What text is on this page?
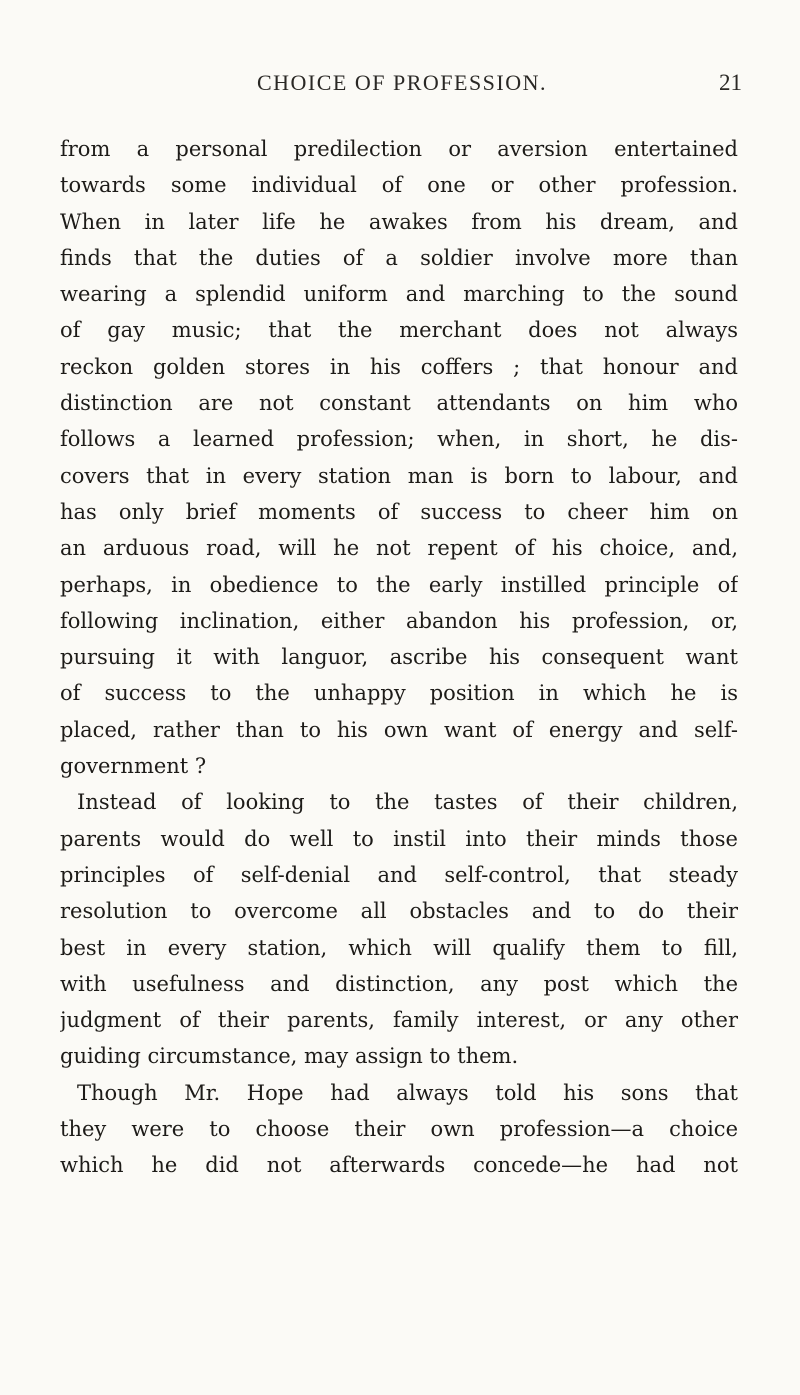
CHOICE OF PROFESSION.	21
from a personal predilection or aversion entertained
towards some individual of one or other profession.
When in later life he awakes from his dream, and
finds that the duties of a soldier involve more than
wearing a splendid uniform and marching to the sound
of gay music; that the merchant does not always
reckon golden stores in his coffers ; that honour and
distinction are not constant attendants on him who
follows a learned profession; when, in short, he dis-
covers that in every station man is born to labour, and
has only brief moments of success to cheer him on
an arduous road, will he not repent of his choice, and,
perhaps, in obedience to the early instilled principle of
following inclination, either abandon his profession, or,
pursuing it with languor, ascribe his consequent want
of success to the unhappy position in which he is
placed, rather than to his own want of energy and self-
government ?
Instead of looking to the tastes of their children,
parents would do well to instil into their minds those
principles of self-denial and self-control, that steady
resolution to overcome all obstacles and to do their
best in every station, which will qualify them to fill,
with usefulness and distinction, any post which the
judgment of their parents, family interest, or any other
guiding circumstance, may assign to them.
Though Mr. Hope had always told his sons that
they were to choose their own profession—a choice
which he did not afterwards concede—he had not
